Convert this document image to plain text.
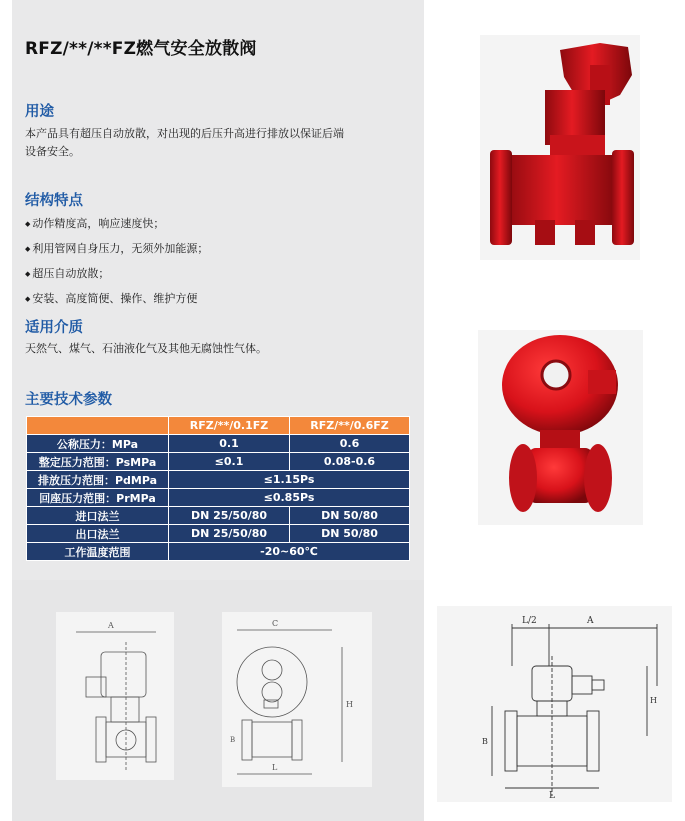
RFZ/**/**FZ燃气安全放散阀
用途
本产品具有超压自动放散，对出现的后压升高进行排放以保证后端
设备安全。
结构特点
◆ 动作精度高，响应速度快；
◆ 利用管网自身压力，无须外加能源；
◆ 超压自动放散；
◆ 安装、高度简便、操作、维护方便
适用介质
天然气、煤气、石油液化气及其他无腐蚀性气体。
主要技术参数
	RFZ/**/0.1FZ	RFZ/**/0.6FZ
公称压力：MPa	0.1	0.6
整定压力范围：PsMPa	≤0.1	0.08-0.6
排放压力范围：PdMPa	≤1.15Ps	
回座压力范围：PrMPa	≤0.85Ps	
进口法兰	DN 25/50/80	DN 50/80
出口法兰	DN 25/50/80	DN 50/80
工作温度范围	-20~60℃	
A	C
L
H
B
L/2	A
H
B
L
